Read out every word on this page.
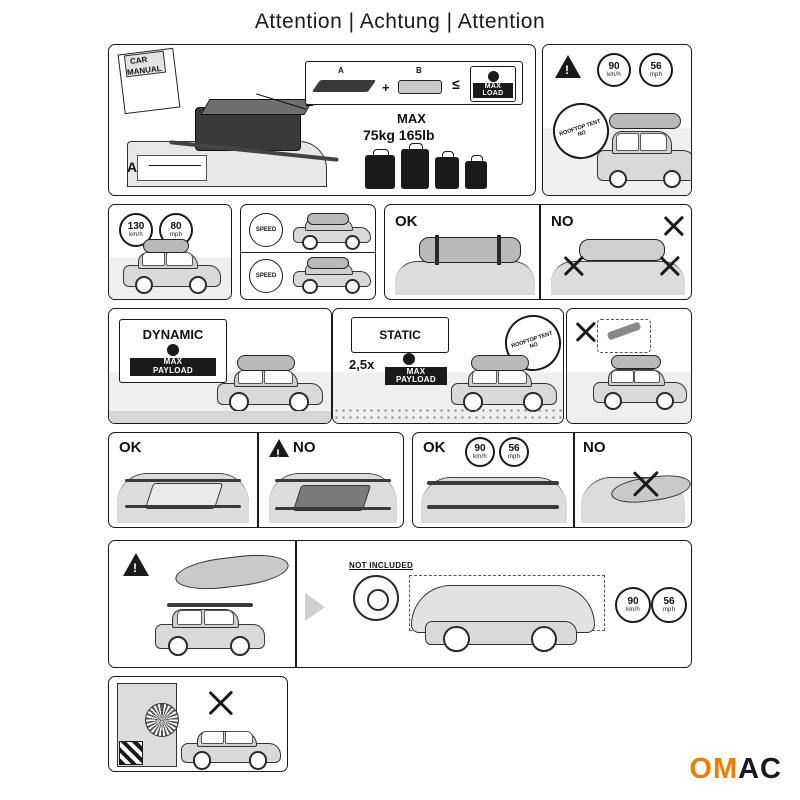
Attention | Achtung | Attention
CAR
MANUAL
A
A
+
B
≤	MAX
LOAD
MAX
75kg 165lb
!
90
km/h
56
mph
ROOFTOP TENT NO
130
km/h
80
mph
SPEED
SPEED
OK	NO
DYNAMIC
MAX
PAYLOAD
STATIC
2,5x	MAX
PAYLOAD
ROOFTOP TENT NO
OK !	NO	OK	90
km/h
56
mph
NO
!
NOT INCLUDED
90
km/h
56
mph
OMAC
